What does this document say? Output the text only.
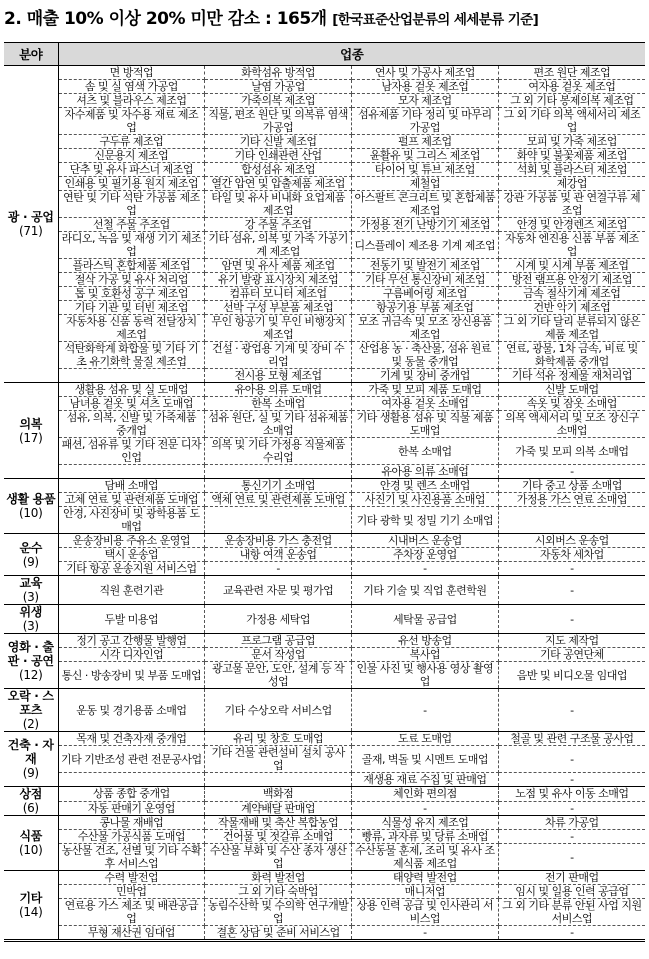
2. 매출 10% 이상 20% 미만 감소 : 165개 [한국표준산업분류의 세세분류 기준]
분야	업종			

광 · 공업
(71)	면 방적업	화학섬유 방적업	연사 및 가공사 제조업	편조 원단 제조업
	솜 및 실 염색 가공업	날염 가공업	남자용 겉옷 제조업	여자용 겉옷 제조업
	셔츠 및 블라우스 제조업	가죽의복 제조업	모자 제조업	그 외 기타 봉제의복 제조업
	자수제품 및 자수용 재료 제조업	직물, 편조 원단 및 의복류 염색 가공업	섬유제품 기타 정리 및 마무리 가공업	그 외 기타 의복 액세서리 제조업
	구두류 제조업	기타 신발 제조업	펄프 제조업	모피 및 가죽 제조업
	신문용지 제조업	기타 인쇄관련 산업	윤활유 및 그리스 제조업	화약 및 불꽃제품 제조업
	단추 및 유사 파스너 제조업	합성섬유 제조업	타이어 및 튜브 제조업	석회 및 플라스터 제조업
	인쇄용 및 필기용 원지 제조업	열간 압연 및 압출제품 제조업	제철업	제강업
	연탄 및 기타 석탄 가공품 제조업	타일 및 유사 비내화 요업제품 제조업	아스팔트 콘크리트 및 혼합제품 제조업	강관 가공품 및 관 연결구류 제조업
	선철 주물 주조업	강 주물 주조업	가정용 전기 난방기기 제조업	안경 및 안경렌즈 제조업
	라디오, 녹음 및 재생 기기 제조업	기타 섬유, 의복 및 가죽 가공기계 제조업	디스플레이 제조용 기계 제조업	자동차 엔진용 신품 부품 제조업
	플라스틱 혼합제품 제조업	암면 및 유사 제품 제조업	전동기 및 발전기 제조업	시계 및 시계 부품 제조업
	절삭 가공 및 유사 처리업	유기 발광 표시장치 제조업	기타 무선 통신장비 제조업	방전 램프용 안정기 제조업
	톱 및 호환성 공구 제조업	컴퓨터 모니터 제조업	구름베어링 제조업	금속 절삭기계 제조업
	기타 기관 및 터빈 제조업	선박 구성 부분품 제조업	항공기용 부품 제조업	건반 악기 제조업
	자동차용 신품 동력 전달장치 제조업	무인 항공기 및 무인 비행장치 제조업	모조 귀금속 및 모조 장신용품 제조업	그 외 기타 달리 분류되지 않은 제품 제조업
	석탄화학계 화합물 및 기타 기초 유기화학 물질 제조업	건설 · 광업용 기계 및 장비 수리업	산업용 농 · 축산물, 섬유 원료 및 동물 중개업	연료, 광물, 1차 금속, 비료 및 화학제품 중개업
		전시용 모형 제조업	기계 및 장비 중개업	기타 석유 정제물 재처리업

의복
(17)	생활용 섬유 및 실 도매업	유아용 의류 도매업	가죽 및 모피 제품 도매업	신발 도매업
	남녀용 겉옷 및 셔츠 도매업	한복 소매업	여자용 겉옷 소매업	속옷 및 잠옷 소매업
	섬유, 의복, 신발 및 가죽제품 중개업	섬유 원단, 실 및 기타 섬유제품 소매업	기타 생활용 섬유 및 직물 제품 도매업	의복 액세서리 및 모조 장신구 소매업
	패션, 섬유류 및 기타 전문 디자인업	의복 및 기타 가정용 직물제품 수리업	한복 소매업	가죽 및 모피 의복 소매업
			유아용 의류 소매업	-

생활 용품
(10)	담배 소매업	통신기기 소매업	안경 및 렌즈 소매업	기타 중고 상품 소매업
	고체 연료 및 관련제품 도매업	액체 연료 및 관련제품 도매업	사진기 및 사진용품 소매업	가정용 가스 연료 소매업
	안경, 사진장비 및 광학용품 도매업		기타 광학 및 정밀 기기 소매업	

운수
(9)	운송장비용 주유소 운영업	운송장비용 가스 충전업	시내버스 운송업	시외버스 운송업
	택시 운송업	내항 여객 운송업	주차장 운영업	자동차 세차업
	기타 항공 운송지원 서비스업	-	-	-

교육
(3)	직원 훈련기관	교육관련 자문 및 평가업	기타 기술 및 직업 훈련학원	-

위생
(3)	두발 미용업	가정용 세탁업	세탁물 공급업	-

영화 · 출판 · 공연
(12)	정기 공고 간행물 발행업	프로그램 공급업	유선 방송업	지도 제작업
	시각 디자인업	문서 작성업	복사업	기타 공연단체
	통신 · 방송장비 및 부품 도매업	광고물 문안, 도안, 설계 등 작성업	인물 사진 및 행사용 영상 촬영업	음반 및 비디오물 임대업

오락 · 스포츠
(2)	운동 및 경기용품 소매업	기타 수상오락 서비스업	-	-

건축 · 자재
(9)	목재 및 건축자재 중개업	유리 및 창호 도매업	도료 도매업	철골 및 관련 구조물 공사업
	기타 기반조성 관련 전문공사업	기타 건물 관련설비 설치 공사업	골재, 벽돌 및 시멘트 도매업	-
			재생용 재료 수집 및 판매업	-

상점
(6)	상품 종합 중개업	백화점	체인화 편의점	노점 및 유사 이동 소매업
	자동 판매기 운영업	계약배달 판매업	-	-

식품
(10)	콩나물 재배업	작물재배 및 축산 복합농업	식물성 유지 제조업	차류 가공업
	수산물 가공식품 도매업	건어물 및 젓갈류 소매업	빵류, 과자류 및 당류 소매업	-
	농산물 건조, 선별 및 기타 수확 후 서비스업	수산물 부화 및 수산 종자 생산업	수산동물 훈제, 조리 및 유사 조제식품 제조업	-

기타
(14)	수력 발전업	화력 발전업	태양력 발전업	전기 판매업
	민박업	그 외 기타 숙박업	매니저업	임시 및 일용 인력 공급업
	연료용 가스 제조 및 배관공급업	농림수산학 및 수의학 연구개발업	상용 인력 공급 및 인사관리 서비스업	그 외 기타 분류 안된 사업 지원 서비스업
	무형 재산권 임대업	결혼 상담 및 준비 서비스업	-	-
